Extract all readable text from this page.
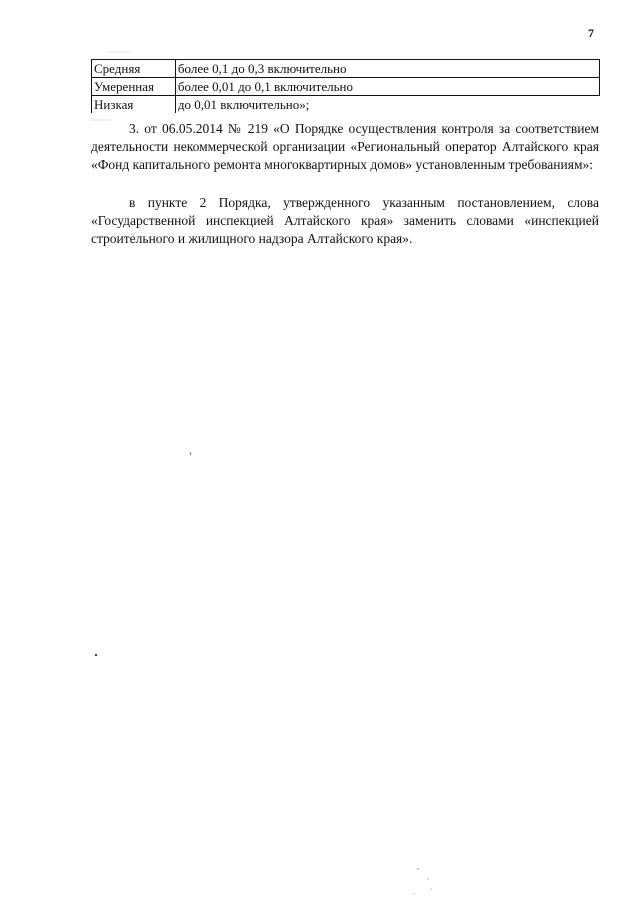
7
Средняя	более 0,1 до 0,3 включительно
Умеренная	более 0,01 до 0,1 включительно
Низкая	до 0,01 включительно»;

3. от 06.05.2014 № 219 «О Порядке осуществления контроля за соответствием деятельности некоммерческой организации «Региональный оператор Алтайского края «Фонд капитального ремонта многоквартирных домов» установленным требованиям»:

в пункте 2 Порядка, утвержденного указанным постановлением, слова «Государственной инспекцией Алтайского края» заменить словами «инспекцией строительного и жилищного надзора Алтайского края».
